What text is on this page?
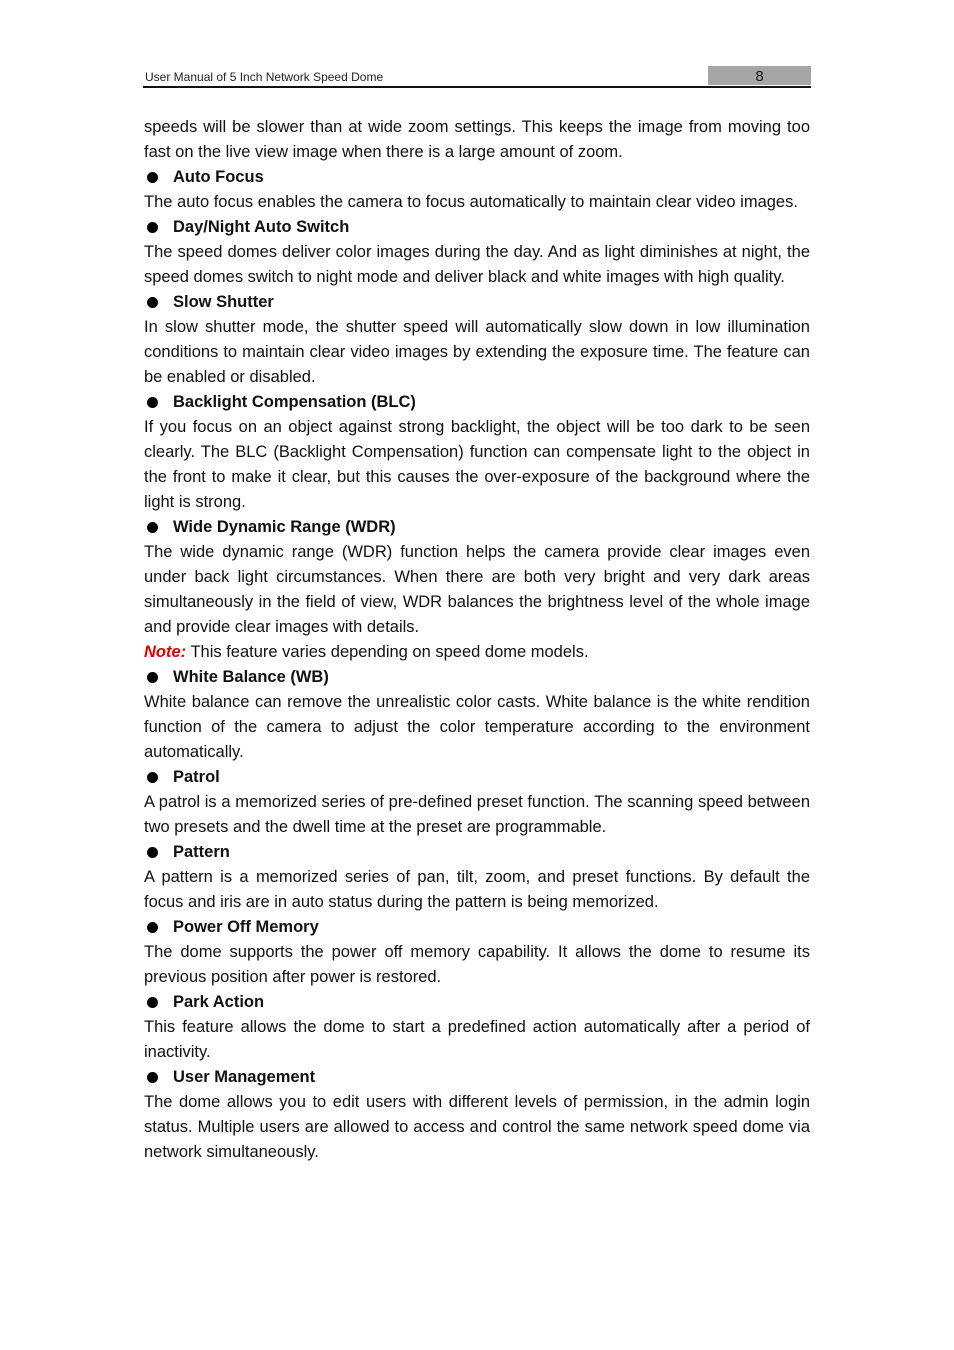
User Manual of 5 Inch Network Speed Dome	8

speeds will be slower than at wide zoom settings. This keeps the image from moving too fast on the live view image when there is a large amount of zoom.

Auto Focus

The auto focus enables the camera to focus automatically to maintain clear video images.

Day/Night Auto Switch

The speed domes deliver color images during the day. And as light diminishes at night, the speed domes switch to night mode and deliver black and white images with high quality.

Slow Shutter

In slow shutter mode, the shutter speed will automatically slow down in low illumination conditions to maintain clear video images by extending the exposure time. The feature can be enabled or disabled.

Backlight Compensation (BLC)

If you focus on an object against strong backlight, the object will be too dark to be seen clearly. The BLC (Backlight Compensation) function can compensate light to the object in the front to make it clear, but this causes the over-exposure of the background where the light is strong.

Wide Dynamic Range (WDR)

The wide dynamic range (WDR) function helps the camera provide clear images even under back light circumstances. When there are both very bright and very dark areas simultaneously in the field of view, WDR balances the brightness level of the whole image and provide clear images with details.

Note: This feature varies depending on speed dome models.

White Balance (WB)

White balance can remove the unrealistic color casts. White balance is the white rendition function of the camera to adjust the color temperature according to the environment automatically.

Patrol

A patrol is a memorized series of pre-defined preset function. The scanning speed between two presets and the dwell time at the preset are programmable.

Pattern

A pattern is a memorized series of pan, tilt, zoom, and preset functions. By default the focus and iris are in auto status during the pattern is being memorized.

Power Off Memory

The dome supports the power off memory capability. It allows the dome to resume its previous position after power is restored.

Park Action

This feature allows the dome to start a predefined action automatically after a period of inactivity.

User Management

The dome allows you to edit users with different levels of permission, in the admin login status. Multiple users are allowed to access and control the same network speed dome via network simultaneously.
